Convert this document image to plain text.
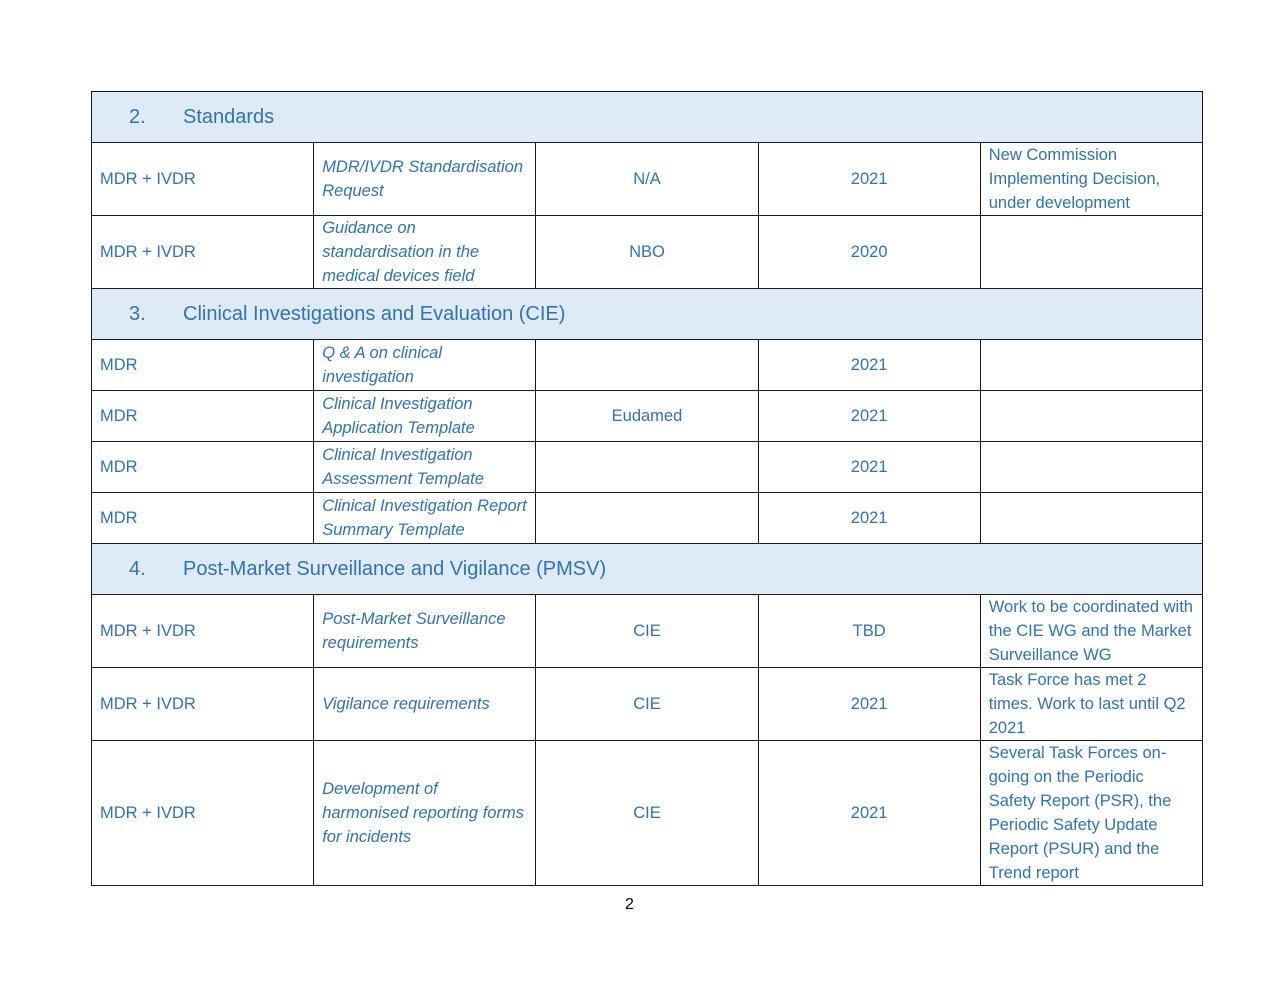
2. Standards				
MDR + IVDR	MDR/IVDR Standardisation Request	N/A	2021	New Commission Implementing Decision, under development
MDR + IVDR	Guidance on standardisation in the medical devices field	NBO	2020	
3. Clinical Investigations and Evaluation (CIE)				
MDR	Q & A on clinical investigation		2021	
MDR	Clinical Investigation Application Template	Eudamed	2021	
MDR	Clinical Investigation Assessment Template		2021	
MDR	Clinical Investigation Report Summary Template		2021	
4. Post-Market Surveillance and Vigilance (PMSV)				
MDR + IVDR	Post-Market Surveillance requirements	CIE	TBD	Work to be coordinated with the CIE WG and the Market Surveillance WG
MDR + IVDR	Vigilance requirements	CIE	2021	Task Force has met 2 times. Work to last until Q2 2021
MDR + IVDR	Development of harmonised reporting forms for incidents	CIE	2021	Several Task Forces on-going on the Periodic Safety Report (PSR), the Periodic Safety Update Report (PSUR) and the Trend report
2
